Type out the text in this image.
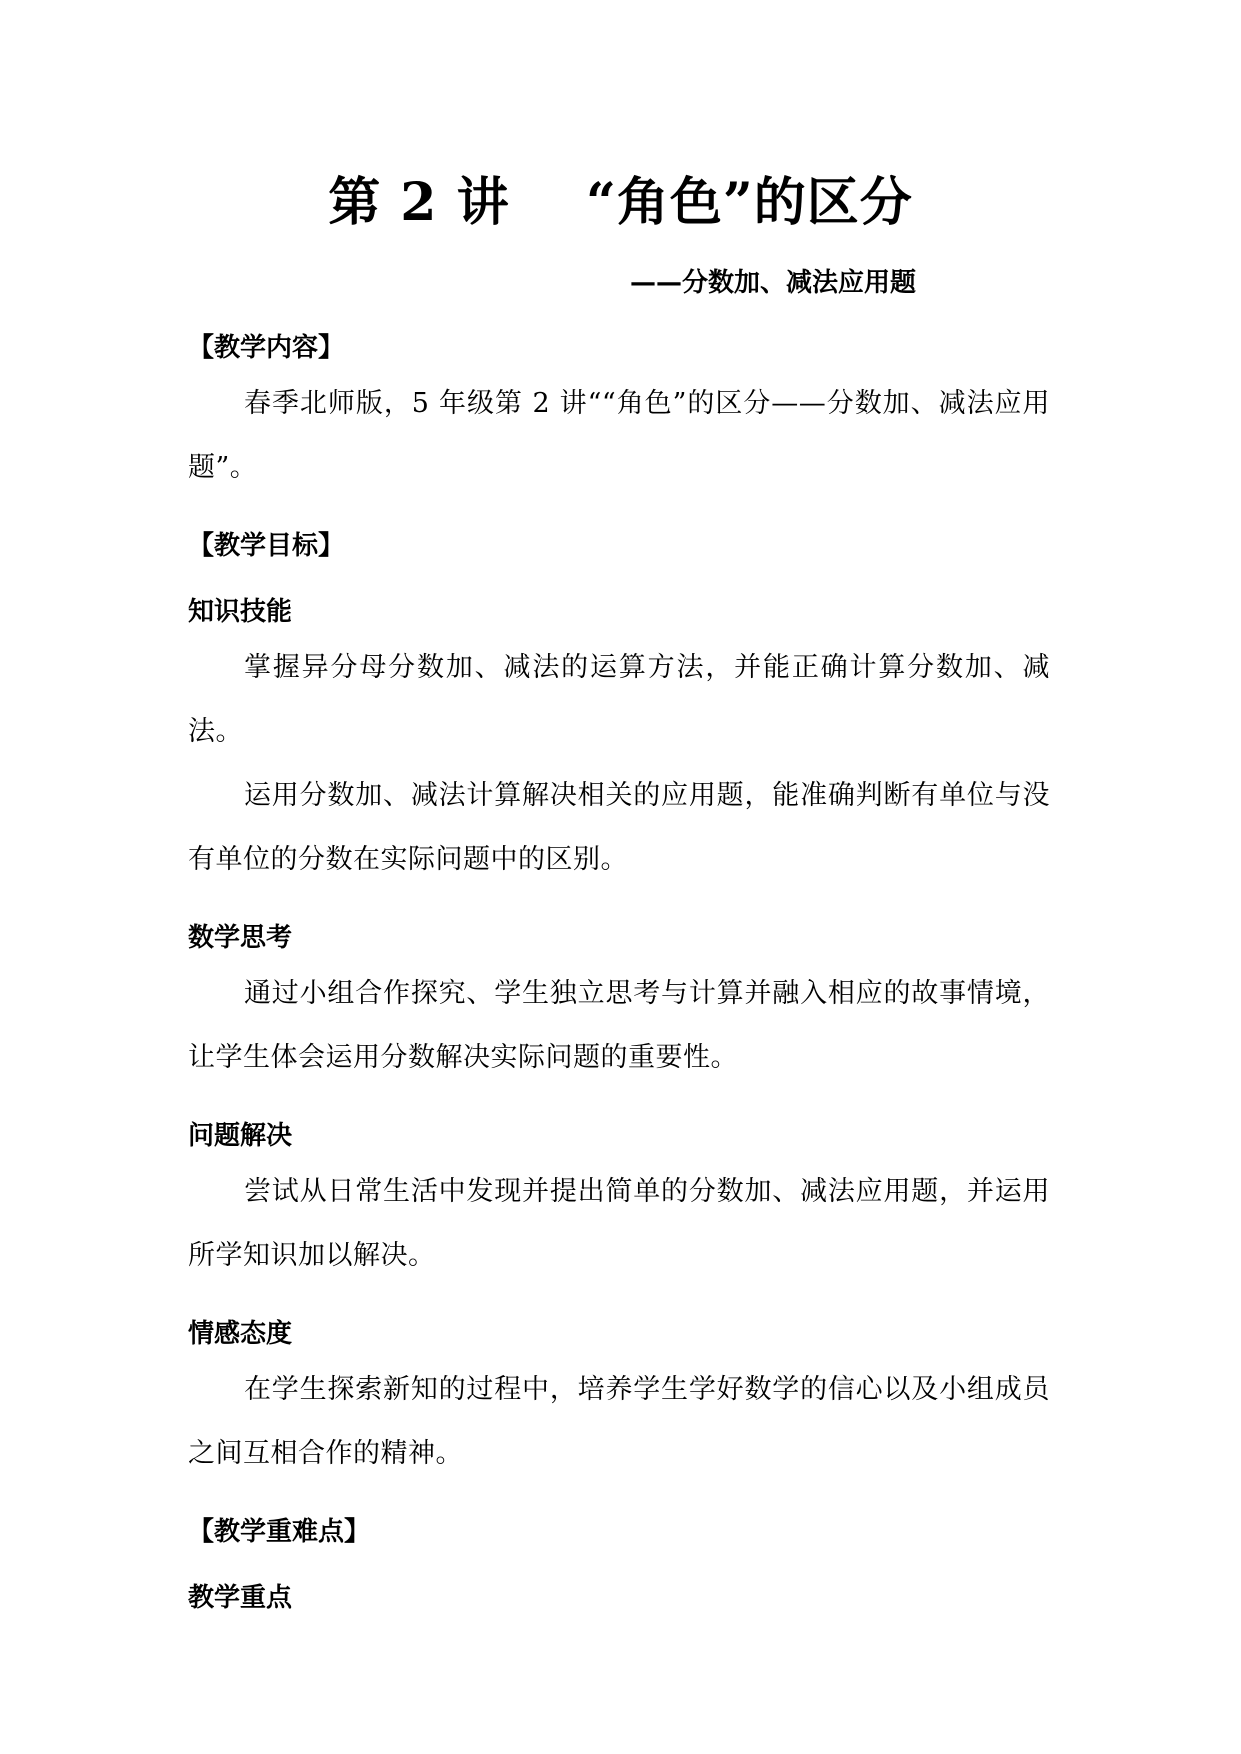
第 2 讲    “角色”的区分
——分数加、减法应用题
【教学内容】
春季北师版，5 年级第 2 讲““角色”的区分——分数加、减法应用题”。
【教学目标】
知识技能
掌握异分母分数加、减法的运算方法，并能正确计算分数加、减法。
运用分数加、减法计算解决相关的应用题，能准确判断有单位与没有单位的分数在实际问题中的区别。
数学思考
通过小组合作探究、学生独立思考与计算并融入相应的故事情境，让学生体会运用分数解决实际问题的重要性。
问题解决
尝试从日常生活中发现并提出简单的分数加、减法应用题，并运用所学知识加以解决。
情感态度
在学生探索新知的过程中，培养学生学好数学的信心以及小组成员之间互相合作的精神。
【教学重难点】
教学重点
